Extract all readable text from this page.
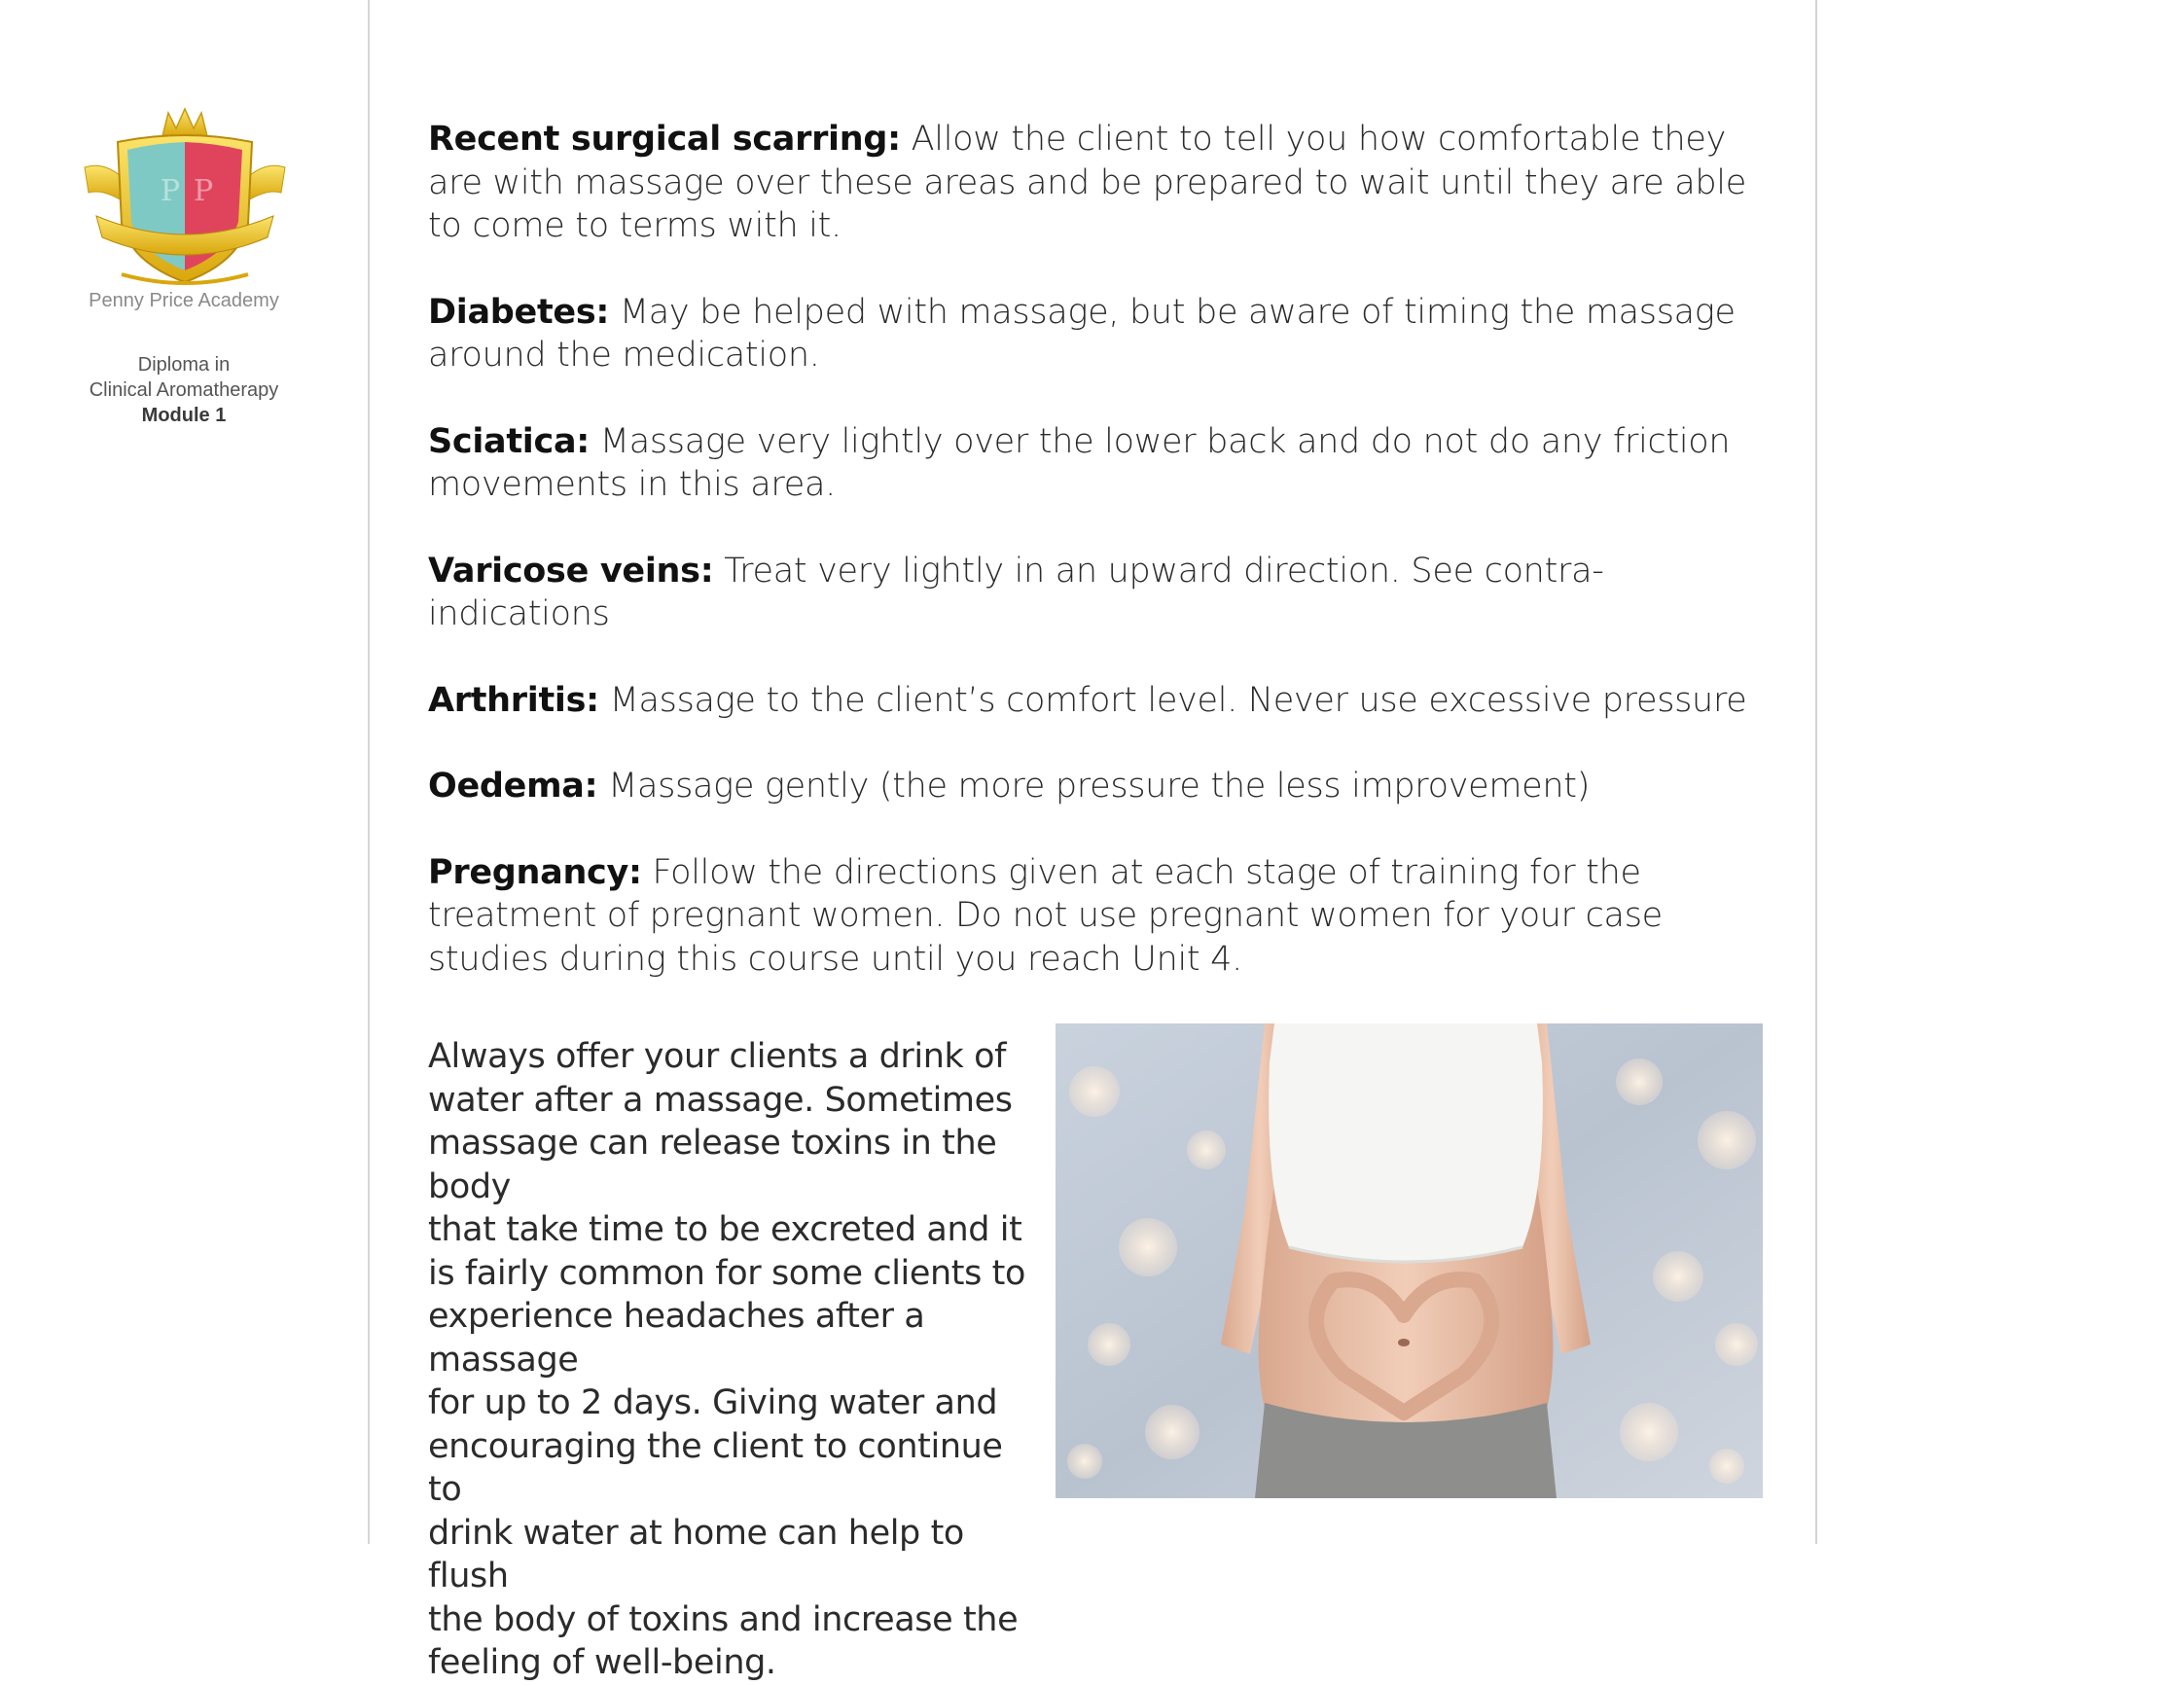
P P
Penny Price Academy
Diploma in
Clinical Aromatherapy
Module 1

Recent surgical scarring: Allow the client to tell you how comfortable they are with massage over these areas and be prepared to wait until they are able to come to terms with it.

Diabetes: May be helped with massage, but be aware of timing the massage around the medication.

Sciatica: Massage very lightly over the lower back and do not do any friction movements in this area.

Varicose veins: Treat very lightly in an upward direction. See contra-indications

Arthritis: Massage to the client’s comfort level. Never use excessive pressure

Oedema: Massage gently (the more pressure the less improvement)

Pregnancy: Follow the directions given at each stage of training for the treatment of pregnant women. Do not use pregnant women for your case studies during this course until you reach Unit 4.

Always offer your clients a drink of
water after a massage. Sometimes
massage can release toxins in the body
that take time to be excreted and it
is fairly common for some clients to
experience headaches after a massage
for up to 2 days. Giving water and
encouraging the client to continue to
drink water at home can help to flush
the body of toxins and increase the
feeling of well-being.
